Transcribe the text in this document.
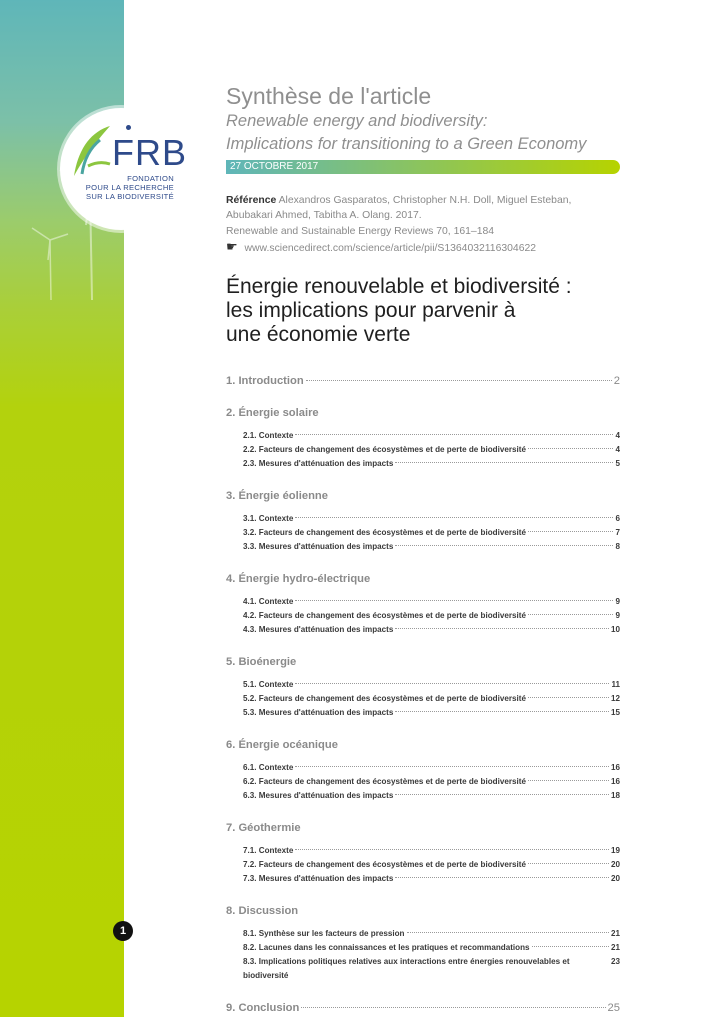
FRB
FONDATION
POUR LA RECHERCHE
SUR LA BIODIVERSITÉ
Synthèse de l'article
Renewable energy and biodiversity:
Implications for transitioning to a Green Economy
27 OCTOBRE 2017
Référence Alexandros Gasparatos, Christopher N.H. Doll, Miguel Esteban, Abubakari Ahmed, Tabitha A. Olang. 2017.
Renewable and Sustainable Energy Reviews 70, 161–184
☛ www.sciencedirect.com/science/article/pii/S1364032116304622
Énergie renouvelable et biodiversité :
les implications pour parvenir à
une économie verte
1. Introduction	2
2. Énergie solaire
2.1. Contexte	4
2.2. Facteurs de changement des écosystèmes et de perte de biodiversité	4
2.3. Mesures d'atténuation des impacts	5
3. Énergie éolienne
3.1. Contexte	6
3.2. Facteurs de changement des écosystèmes et de perte de biodiversité	7
3.3. Mesures d'atténuation des impacts	8
4. Énergie hydro-électrique
4.1. Contexte	9
4.2. Facteurs de changement des écosystèmes et de perte de biodiversité	9
4.3. Mesures d'atténuation des impacts	10
5. Bioénergie
5.1. Contexte	11
5.2. Facteurs de changement des écosystèmes et de perte de biodiversité	12
5.3. Mesures d'atténuation des impacts	15
6. Énergie océanique
6.1. Contexte	16
6.2. Facteurs de changement des écosystèmes et de perte de biodiversité	16
6.3. Mesures d'atténuation des impacts	18
7. Géothermie
7.1. Contexte	19
7.2. Facteurs de changement des écosystèmes et de perte de biodiversité	20
7.3. Mesures d'atténuation des impacts	20
8. Discussion
8.1. Synthèse sur les facteurs de pression	21
8.2. Lacunes dans les connaissances et les pratiques et recommandations	21
8.3. Implications politiques relatives aux interactions entre énergies renouvelables et biodiversité
23
9. Conclusion	25
1
